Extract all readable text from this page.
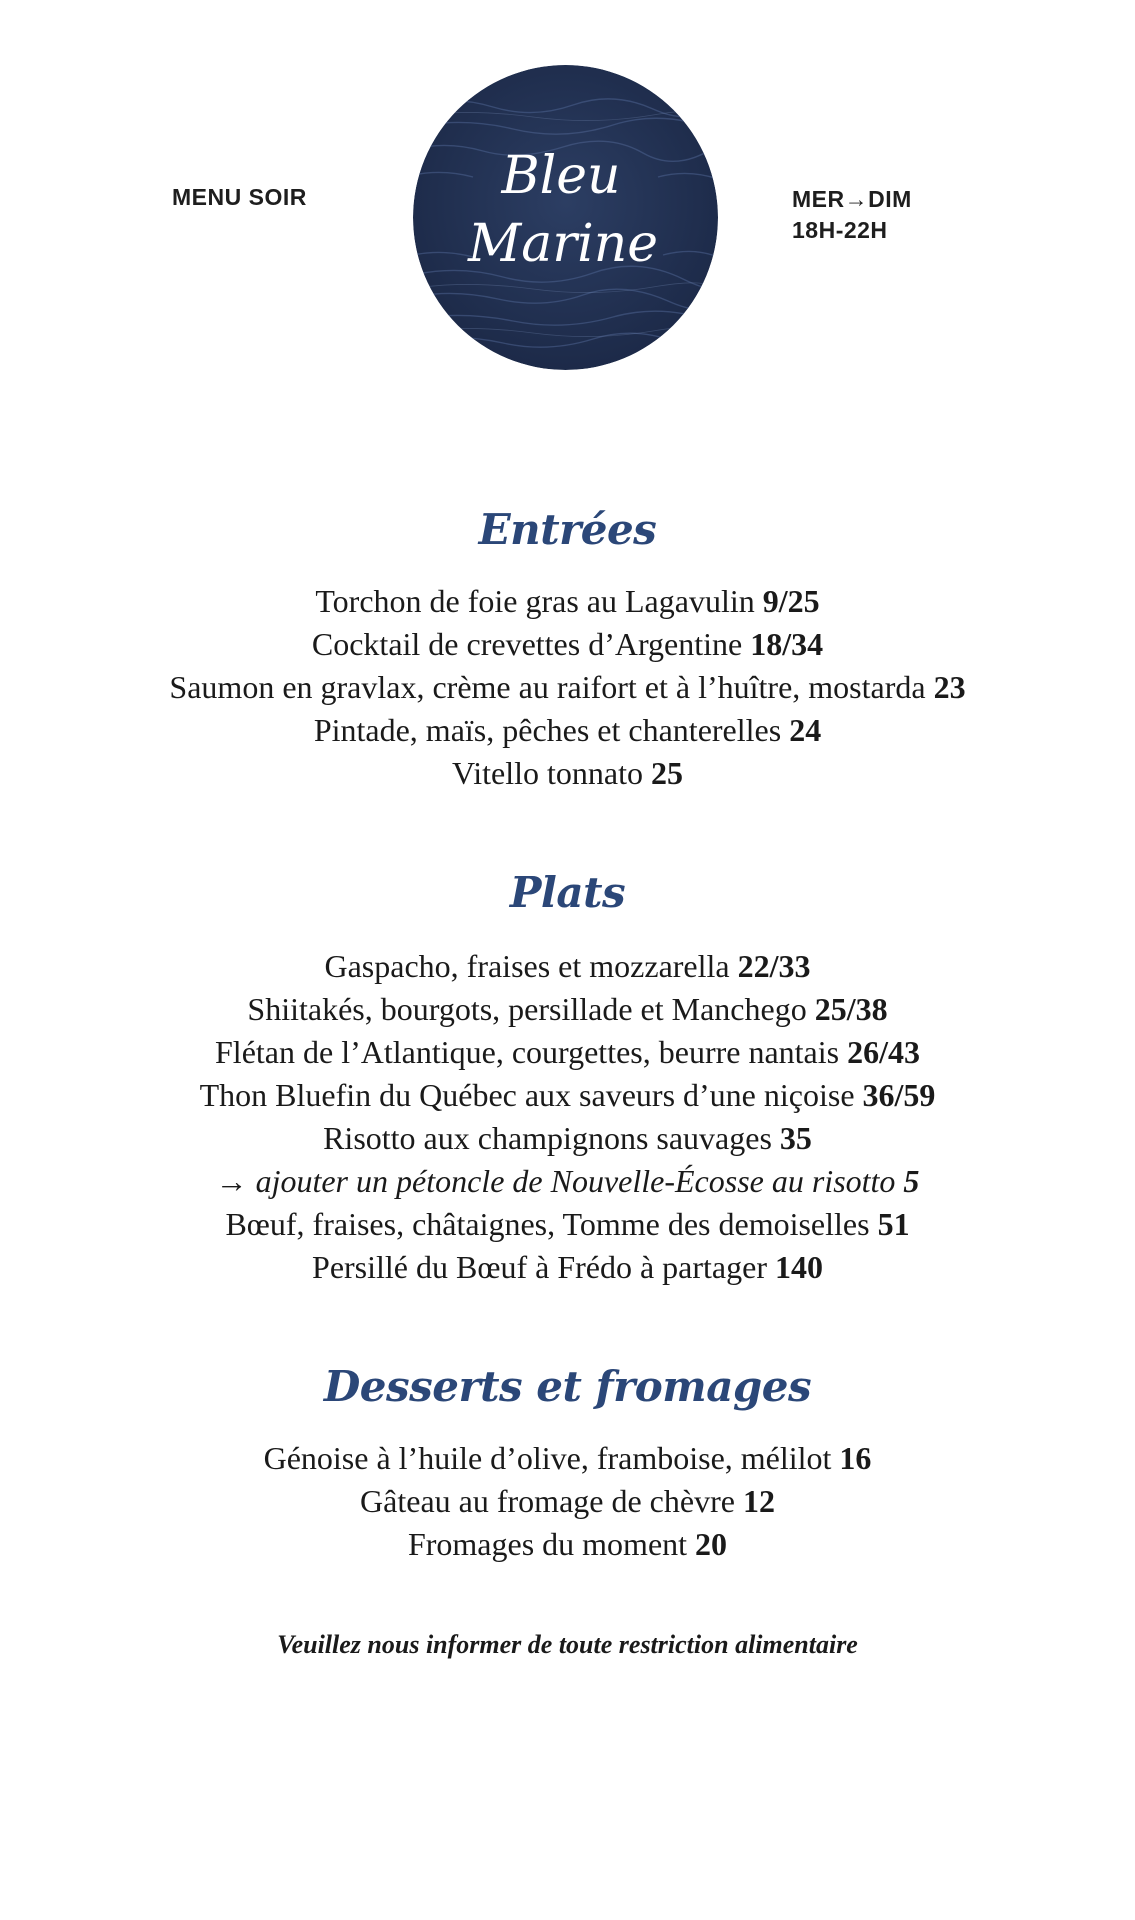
MENU SOIR	MER→DIM
18H-22H
Bleu
Marine
Entrées
Torchon de foie gras au Lagavulin 9/25
Cocktail de crevettes d’Argentine 18/34
Saumon en gravlax, crème au raifort et à l’huître, mostarda 23
Pintade, maïs, pêches et chanterelles 24
Vitello tonnato 25
Plats
Gaspacho, fraises et mozzarella 22/33
Shiitakés, bourgots, persillade et Manchego 25/38
Flétan de l’Atlantique, courgettes, beurre nantais 26/43
Thon Bluefin du Québec aux saveurs d’une niçoise 36/59
Risotto aux champignons sauvages 35
→ ajouter un pétoncle de Nouvelle-Écosse au risotto 5
Bœuf, fraises, châtaignes, Tomme des demoiselles 51
Persillé du Bœuf à Frédo à partager 140
Desserts et fromages
Génoise à l’huile d’olive, framboise, mélilot 16
Gâteau au fromage de chèvre 12
Fromages du moment 20
Veuillez nous informer de toute restriction alimentaire
